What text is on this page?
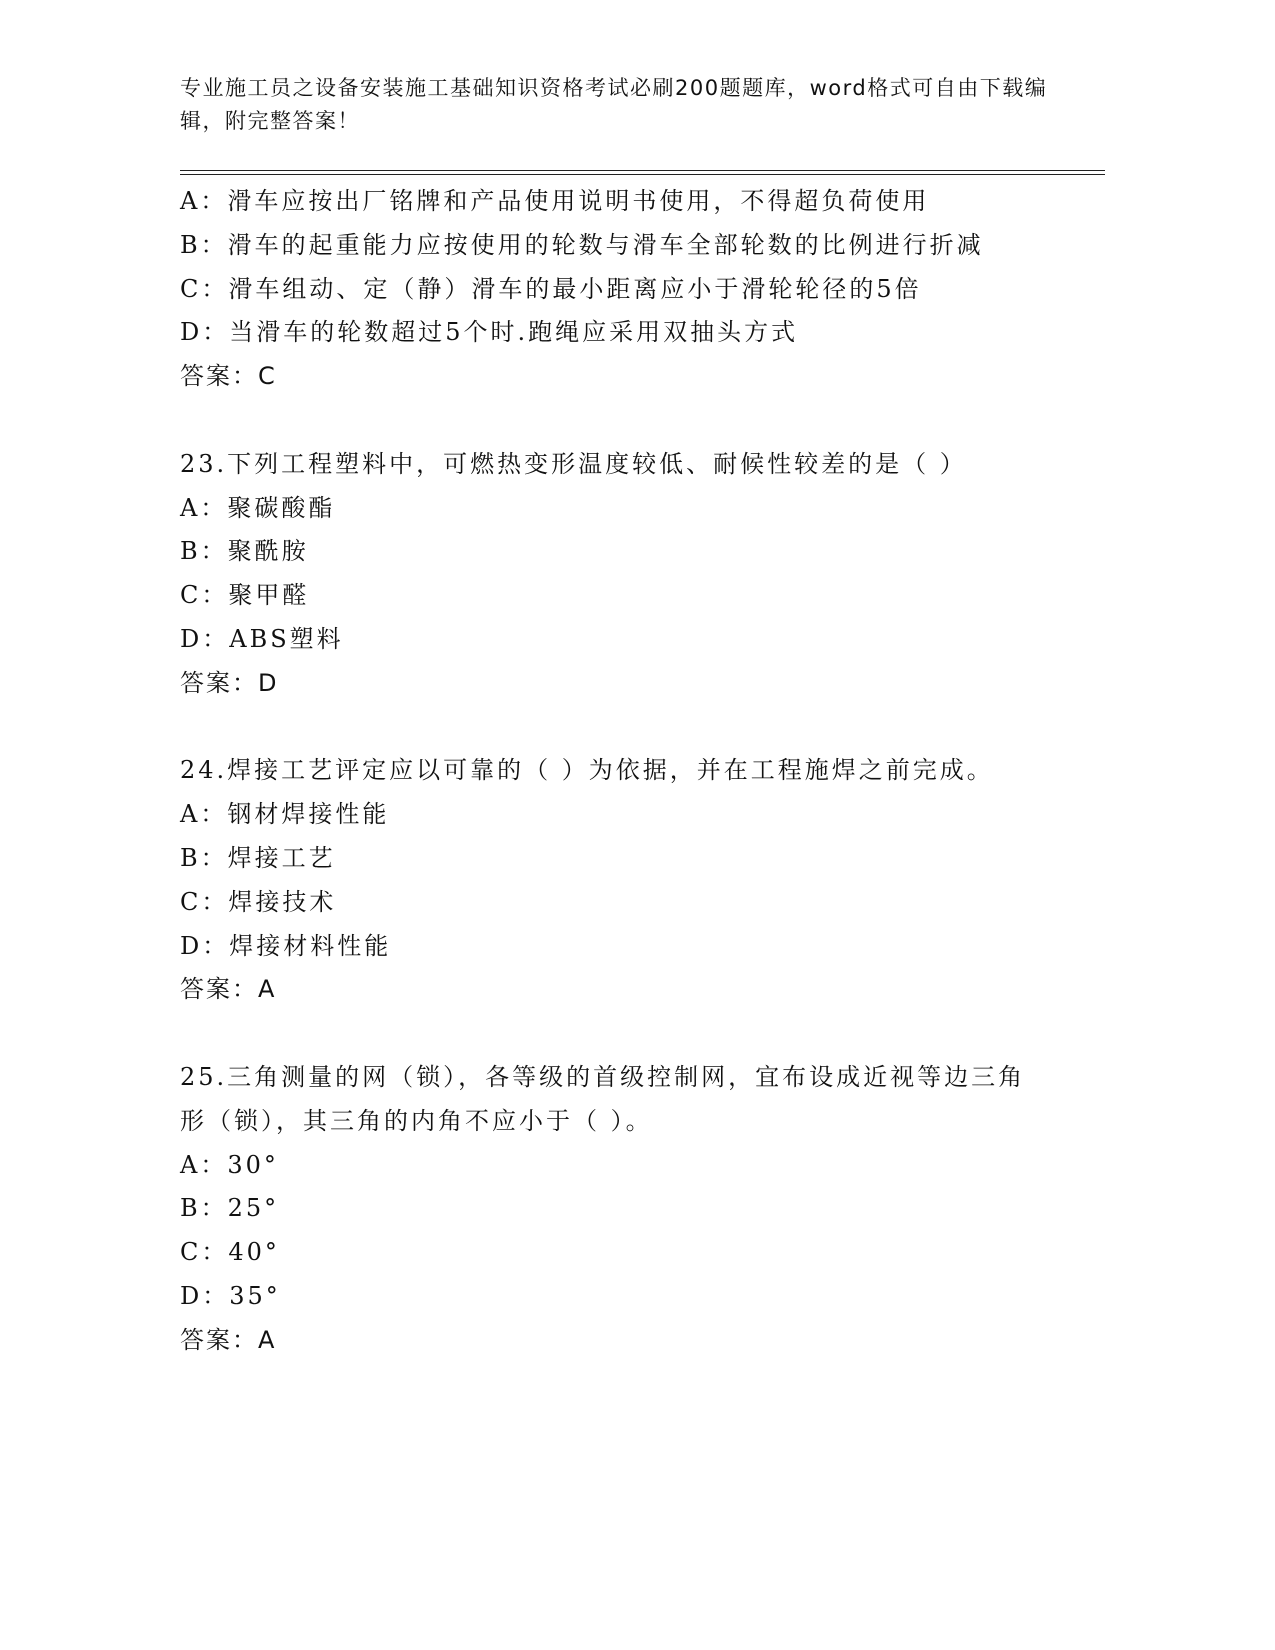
专业施工员之设备安装施工基础知识资格考试必刷200题题库，word格式可自由下载编辑，附完整答案！
A：滑车应按出厂铭牌和产品使用说明书使用，不得超负荷使用
B：滑车的起重能力应按使用的轮数与滑车全部轮数的比例进行折减
C：滑车组动、定（静）滑车的最小距离应小于滑轮轮径的5倍
D：当滑车的轮数超过5个时.跑绳应采用双抽头方式
答案：C
23.下列工程塑料中，可燃热变形温度较低、耐候性较差的是（ ）
A：聚碳酸酯
B：聚酰胺
C：聚甲醛
D：ABS塑料
答案：D
24.焊接工艺评定应以可靠的（ ）为依据，并在工程施焊之前完成。
A：钢材焊接性能
B：焊接工艺
C：焊接技术
D：焊接材料性能
答案：A
25.三角测量的网（锁），各等级的首级控制网，宜布设成近视等边三角形（锁），其三角的内角不应小于（ ）。
A：30°
B：25°
C：40°
D：35°
答案：A
